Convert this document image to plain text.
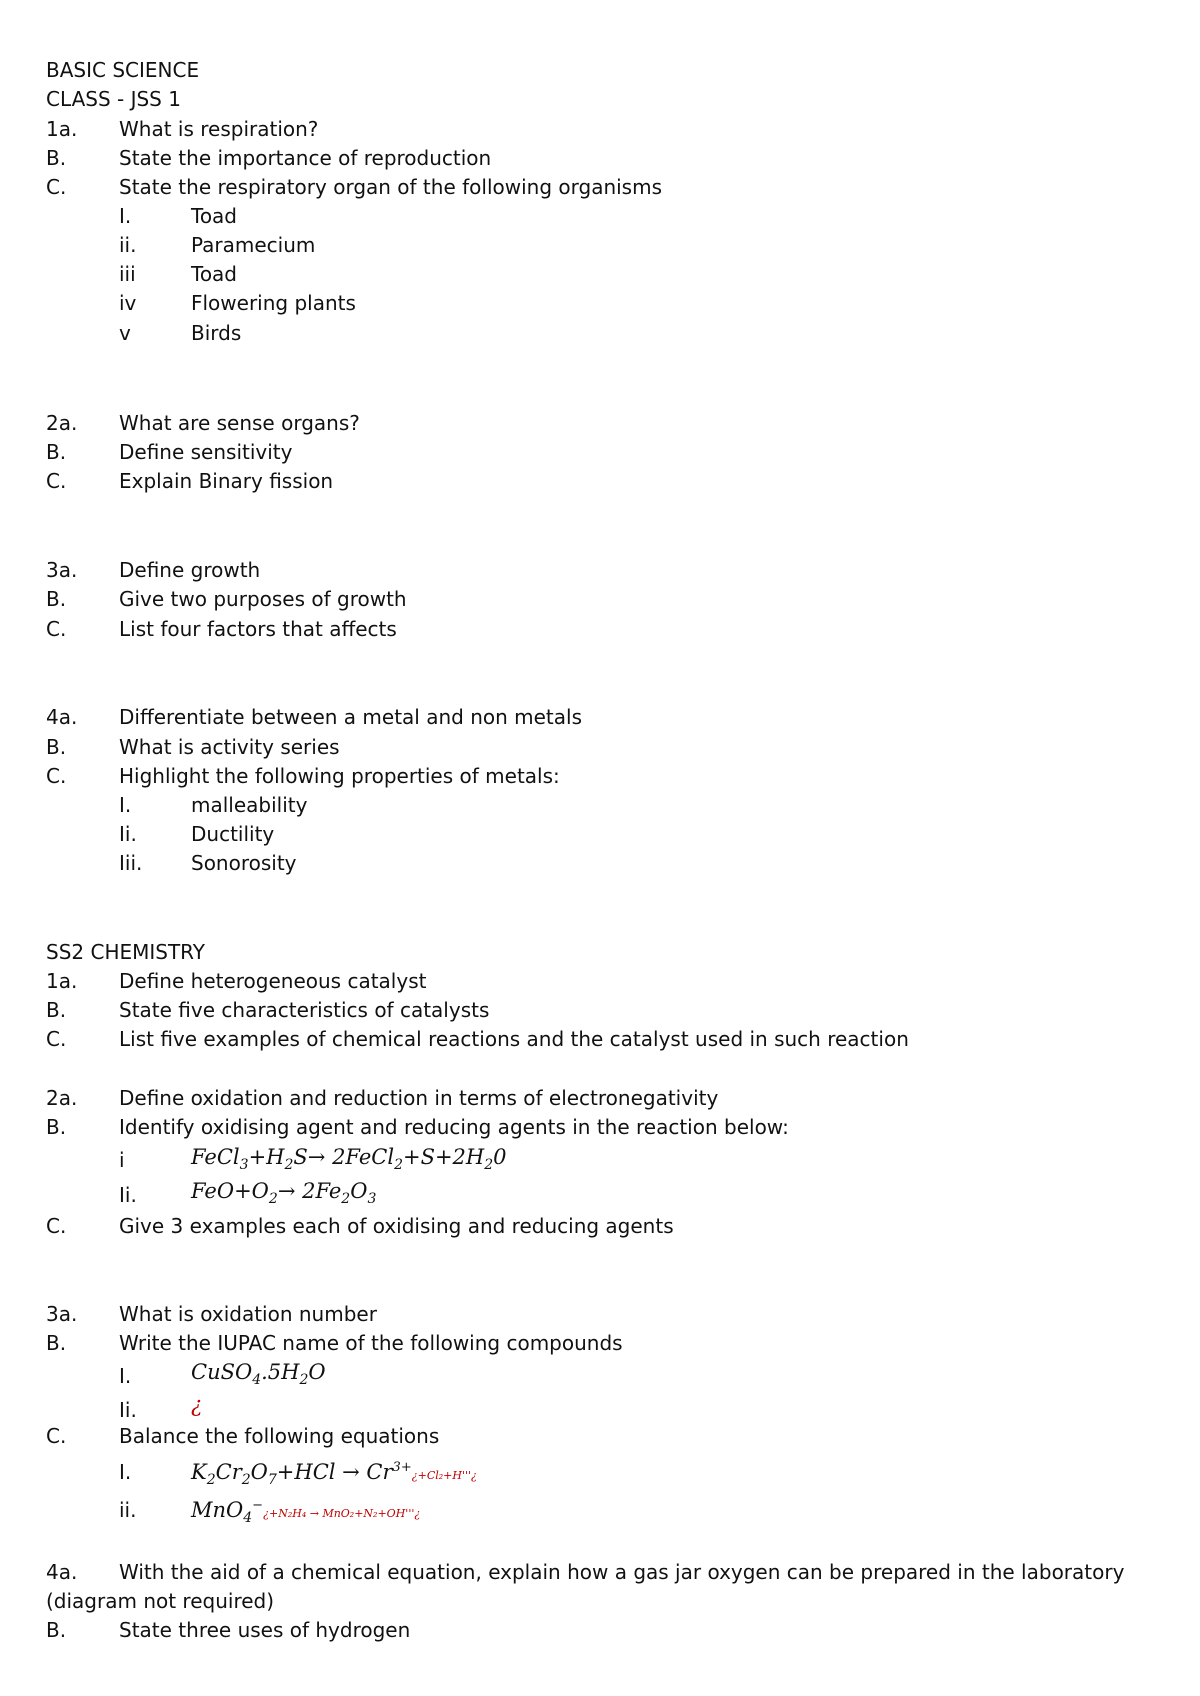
BASIC SCIENCE
CLASS - JSS 1
1a. What is respiration?
B.	State the importance of reproduction
C.	State the respiratory organ of the following organisms
I.	Toad
ii.	Paramecium
iii	Toad
iv	Flowering plants
v	Birds
2a. What are sense organs?
B.	Define sensitivity
C.	Explain Binary fission
3a. Define growth
B.	Give two purposes of growth
C.	List four factors that affects
4a. Differentiate between a metal and non metals
B.	What is activity series
C.	Highlight the following properties of metals:
I.	malleability
Ii.	Ductility
Iii. Sonorosity
SS2 CHEMISTRY
1a. Define heterogeneous catalyst
B.	State five characteristics of catalysts
C.	List five examples of chemical reactions and the catalyst used in such reaction
2a. Define oxidation and reduction in terms of electronegativity
B.	Identify oxidising agent and reducing agents in the reaction below:
i	$FeCl_3+H_2S\to$ $2FeCl_2+S+2H_20$
Ii.	$FeO+O_2\to 2Fe_2O_3$
C.	Give 3 examples each of oxidising and reducing agents
3a. What is oxidation number
B.	Write the IUPAC name of the following compounds
I.	$CuSO_4.5H_2O$
Ii.	¿
C.	Balance the following equations
I.	$K_2Cr_2O_7+HCl$ → $Cr^{3+}¿+Cl_2+H'''¿$
ii.	MnO$_4$−¿+N₂H₄ → MnO₂+N₂+OH'''¿
4a. With the aid of a chemical equation, explain how a gas jar oxygen can be prepared in the laboratory
(diagram not required)
B.	State three uses of hydrogen
